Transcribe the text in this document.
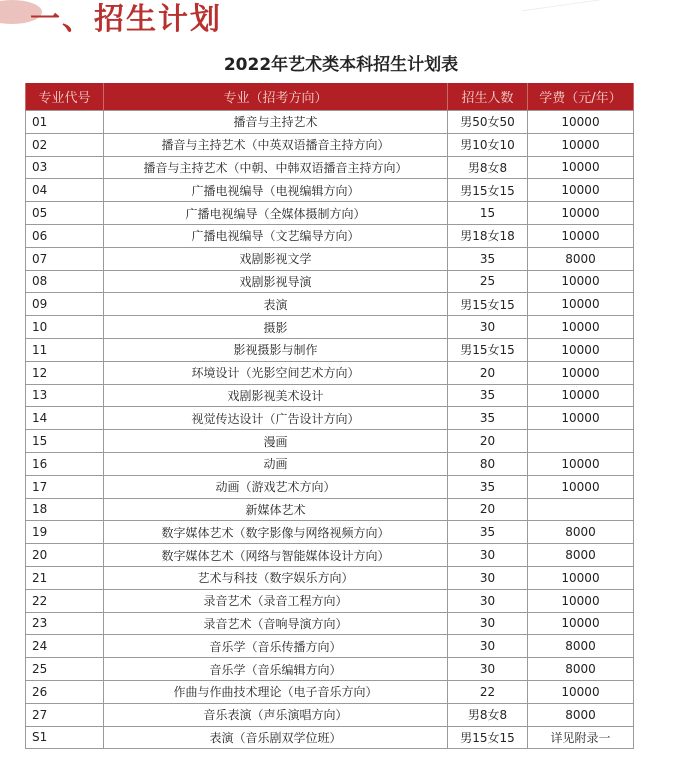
一、招生计划
2022年艺术类本科招生计划表
专业代号	专业（招考方向）	招生人数	学费（元/年）
01	播音与主持艺术	男50女50	10000
02	播音与主持艺术（中英双语播音主持方向）	男10女10	10000
03	播音与主持艺术（中朝、中韩双语播音主持方向）	男8女8	10000
04	广播电视编导（电视编辑方向）	男15女15	10000
05	广播电视编导（全媒体摄制方向）	15	10000
06	广播电视编导（文艺编导方向）	男18女18	10000
07	戏剧影视文学	35	8000
08	戏剧影视导演	25	10000
09	表演	男15女15	10000
10	摄影	30	10000
11	影视摄影与制作	男15女15	10000
12	环境设计（光影空间艺术方向）	20	10000
13	戏剧影视美术设计	35	10000
14	视觉传达设计（广告设计方向）	35	10000
15	漫画	20	
16	动画	80	10000
17	动画（游戏艺术方向）	35	10000
18	新媒体艺术	20	
19	数字媒体艺术（数字影像与网络视频方向）	35	8000
20	数字媒体艺术（网络与智能媒体设计方向）	30	8000
21	艺术与科技（数字娱乐方向）	30	10000
22	录音艺术（录音工程方向）	30	10000
23	录音艺术（音响导演方向）	30	10000
24	音乐学（音乐传播方向）	30	8000
25	音乐学（音乐编辑方向）	30	8000
26	作曲与作曲技术理论（电子音乐方向）	22	10000
27	音乐表演（声乐演唱方向）	男8女8	8000
S1	表演（音乐剧双学位班）	男15女15	详见附录一
